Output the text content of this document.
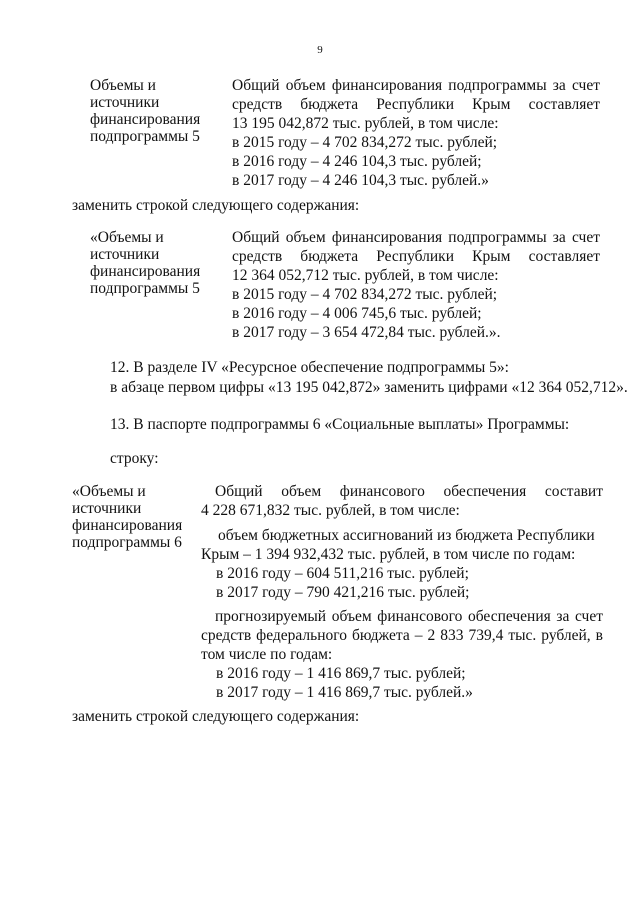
9
Объемы и
источники
финансирования
подпрограммы 5
Общий объем финансирования подпрограммы за счет
средств бюджета Республики Крым составляет
13 195 042,872 тыс. рублей, в том числе:
в 2015 году – 4 702 834,272 тыс. рублей;
в 2016 году – 4 246 104,3 тыс. рублей;
в 2017 году – 4 246 104,3 тыс. рублей.»
заменить строкой следующего содержания:
«Объемы и
источники
финансирования
подпрограммы 5
Общий объем финансирования подпрограммы за счет
средств бюджета Республики Крым составляет
12 364 052,712 тыс. рублей, в том числе:
в 2015 году – 4 702 834,272 тыс. рублей;
в 2016 году – 4 006 745,6 тыс. рублей;
в 2017 году – 3 654 472,84 тыс. рублей.».
12. В разделе IV «Ресурсное обеспечение подпрограммы 5»:
в абзаце первом цифры «13 195 042,872» заменить цифрами «12 364 052,712».
13. В паспорте подпрограммы 6 «Социальные выплаты» Программы:
строку:
«Объемы и
источники
финансирования
подпрограммы 6
Общий объем финансового обеспечения составит
4 228 671,832 тыс. рублей, в том числе:
объем бюджетных ассигнований из бюджета Республики
Крым – 1 394 932,432 тыс. рублей, в том числе по годам:
в 2016 году – 604 511,216 тыс. рублей;
в 2017 году – 790 421,216 тыс. рублей;
прогнозируемый объем финансового обеспечения за счет
средств федерального бюджета – 2 833 739,4 тыс. рублей, в
том числе по годам:
в 2016 году – 1 416 869,7 тыс. рублей;
в 2017 году – 1 416 869,7 тыс. рублей.»
заменить строкой следующего содержания:
